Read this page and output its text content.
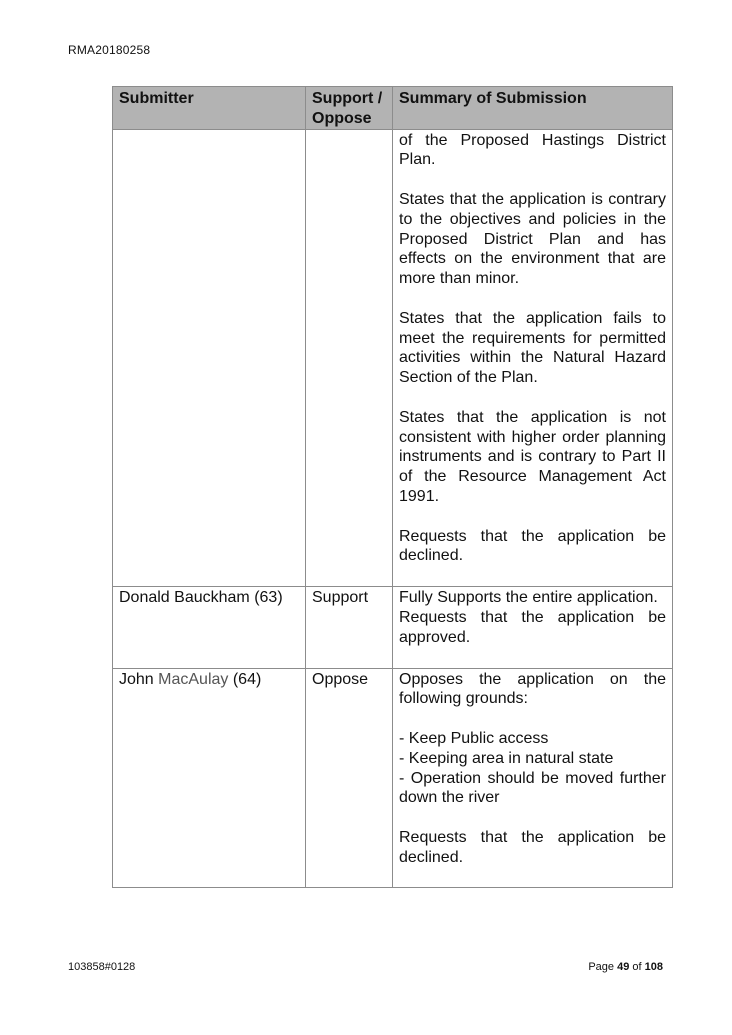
RMA20180258
Submitter	Support / Oppose	Summary of Submission

		of the Proposed Hastings District Plan.

States that the application is contrary to the objectives and policies in the Proposed District Plan and has effects on the environment that are more than minor.

States that the application fails to meet the requirements for permitted activities within the Natural Hazard Section of the Plan.

States that the application is not consistent with higher order planning instruments and is contrary to Part II of the Resource Management Act 1991.

Requests that the application be declined.

Donald Bauckham (63)	Support	Fully Supports the entire application.

Requests that the application be approved.

John MacAulay (64)	Oppose	Opposes the application on the following grounds:

- Keep Public access

- Keeping area in natural state

- Operation should be moved further down the river

Requests that the application be declined.

103858#0128	Page 49 of 108
